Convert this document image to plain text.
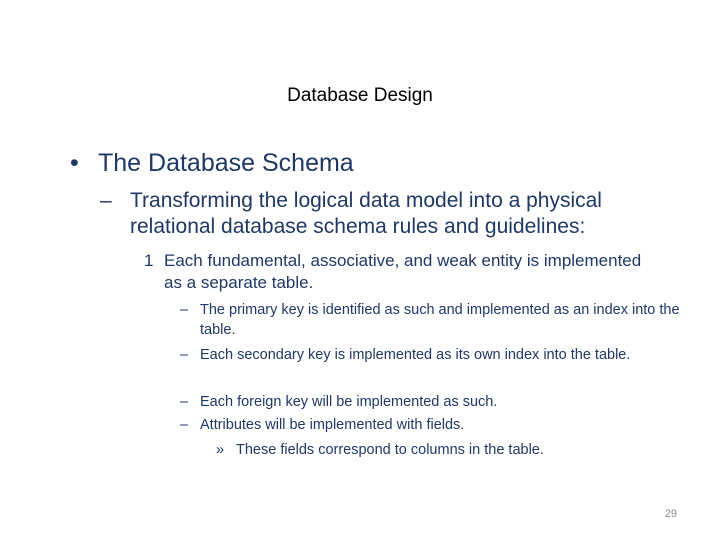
Database Design
• The Database Schema
– Transforming the logical data model into a physical relational database schema rules and guidelines:
1 Each fundamental, associative, and weak entity is implemented as a separate table.
– The primary key is identified as such and implemented as an index into the table.
– Each secondary key is implemented as its own index into the table.
– Each foreign key will be implemented as such.
– Attributes will be implemented with fields.
» These fields correspond to columns in the table.
29
